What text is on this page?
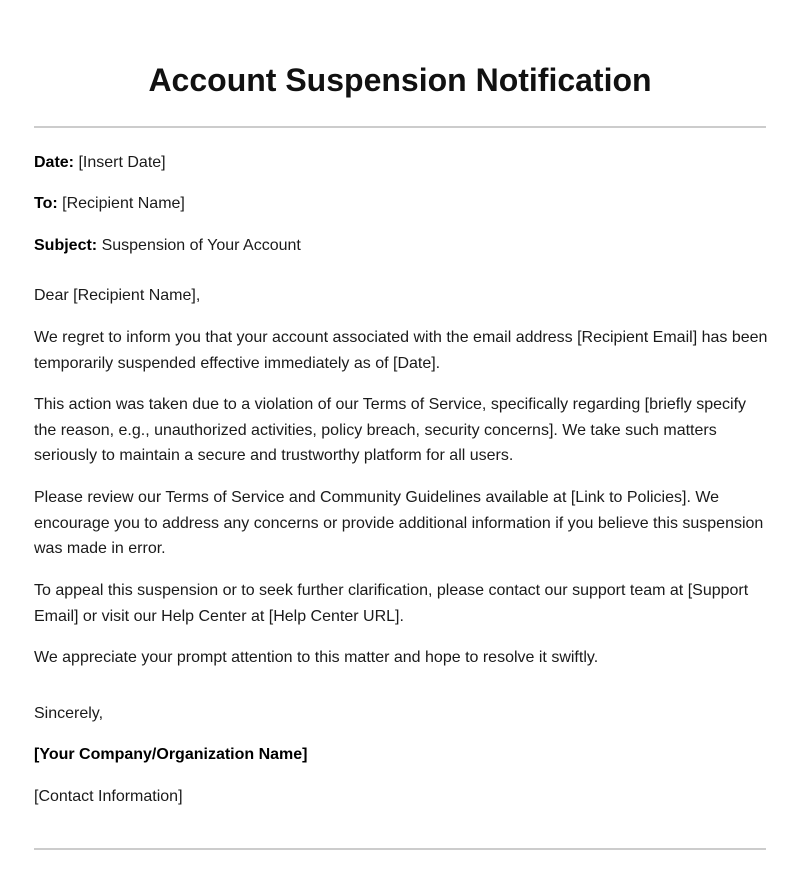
Account Suspension Notification

Date: [Insert Date]

To: [Recipient Name]

Subject: Suspension of Your Account

Dear [Recipient Name],

We regret to inform you that your account associated with the email address [Recipient Email] has been temporarily suspended effective immediately as of [Date].

This action was taken due to a violation of our Terms of Service, specifically regarding [briefly specify the reason, e.g., unauthorized activities, policy breach, security concerns]. We take such matters seriously to maintain a secure and trustworthy platform for all users.

Please review our Terms of Service and Community Guidelines available at [Link to Policies]. We encourage you to address any concerns or provide additional information if you believe this suspension was made in error.

To appeal this suspension or to seek further clarification, please contact our support team at [Support Email] or visit our Help Center at [Help Center URL].

We appreciate your prompt attention to this matter and hope to resolve it swiftly.

Sincerely,

[Your Company/Organization Name]

[Contact Information]
